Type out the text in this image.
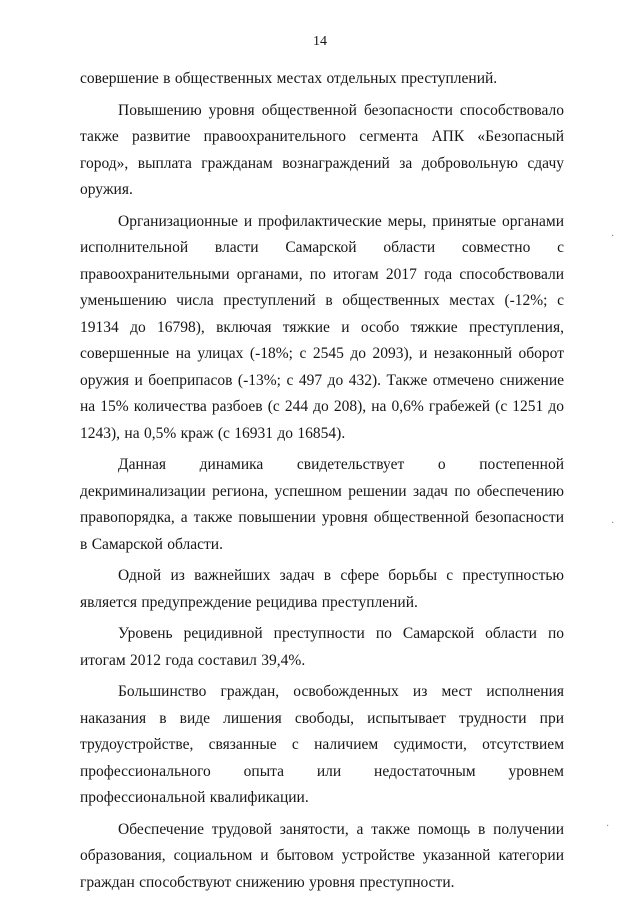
14

совершение в общественных местах отдельных преступлений.

Повышению уровня общественной безопасности способствовало также развитие правоохранительного сегмента АПК «Безопасный город», выплата гражданам вознаграждений за добровольную сдачу оружия.

Организационные и профилактические меры, принятые органами исполнительной власти Самарской области совместно с правоохранительными органами, по итогам 2017 года способствовали уменьшению числа преступлений в общественных местах (-12%; с 19134 до 16798), включая тяжкие и особо тяжкие преступления, совершенные на улицах (-18%; с 2545 до 2093), и незаконный оборот оружия и боеприпасов (-13%; с 497 до 432). Также отмечено снижение на 15% количества разбоев (с 244 до 208), на 0,6% грабежей (с 1251 до 1243), на 0,5% краж (с 16931 до 16854).

Данная динамика свидетельствует о постепенной декриминализации региона, успешном решении задач по обеспечению правопорядка, а также повышении уровня общественной безопасности в Самарской области.

Одной из важнейших задач в сфере борьбы с преступностью является предупреждение рецидива преступлений.

Уровень рецидивной преступности по Самарской области по итогам 2012 года составил 39,4%.

Большинство граждан, освобожденных из мест исполнения наказания в виде лишения свободы, испытывает трудности при трудоустройстве, связанные с наличием судимости, отсутствием профессионального опыта или недостаточным уровнем профессиональной квалификации.

Обеспечение трудовой занятости, а также помощь в получении образования, социальном и бытовом устройстве указанной категории граждан способствуют снижению уровня преступности.

·
·
·
